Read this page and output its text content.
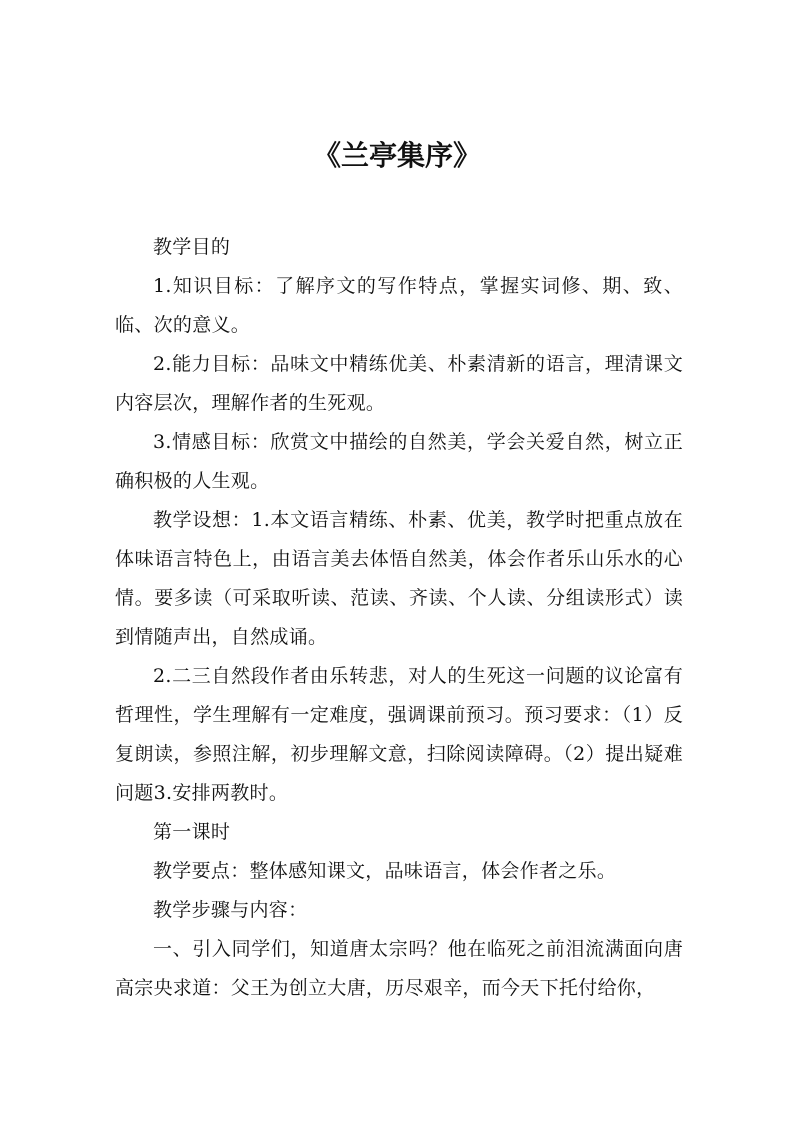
《兰亭集序》

教学目的

1.知识目标：了解序文的写作特点，掌握实词修、期、致、临、次的意义。

2.能力目标：品味文中精练优美、朴素清新的语言，理清课文内容层次，理解作者的生死观。

3.情感目标：欣赏文中描绘的自然美，学会关爱自然，树立正确积极的人生观。

教学设想：1.本文语言精练、朴素、优美，教学时把重点放在体味语言特色上，由语言美去体悟自然美，体会作者乐山乐水的心情。要多读（可采取听读、范读、齐读、个人读、分组读形式）读到情随声出，自然成诵。

2.二三自然段作者由乐转悲，对人的生死这一问题的议论富有哲理性，学生理解有一定难度，强调课前预习。预习要求：（1）反复朗读，参照注解，初步理解文意，扫除阅读障碍。（2）提出疑难问题3.安排两教时。

第一课时

教学要点：整体感知课文，品味语言，体会作者之乐。

教学步骤与内容：

一、引入同学们，知道唐太宗吗？他在临死之前泪流满面向唐高宗央求道：父王为创立大唐，历尽艰辛，而今天下托付给你，
